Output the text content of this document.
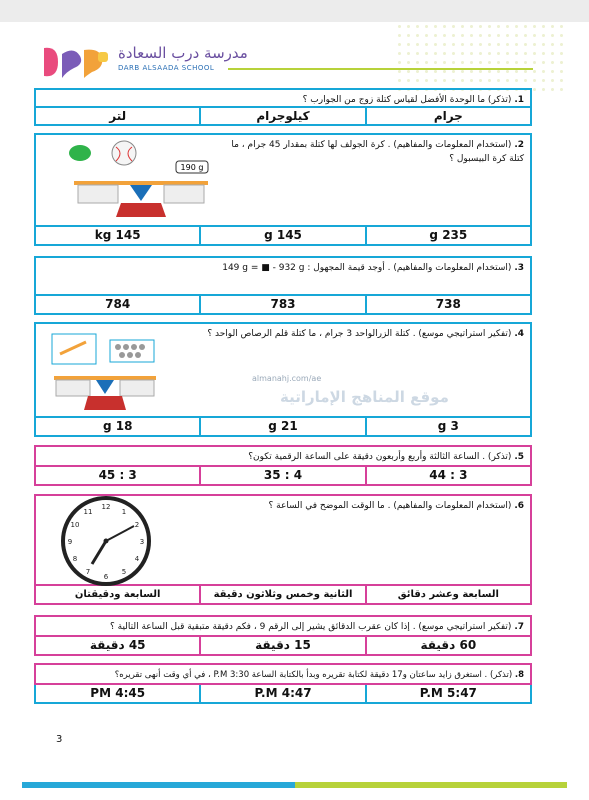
مدرسة درب السعادة
DARB ALSAADA SCHOOL
1. (تذكر) ما الوحدة الأفضل لقياس كتلة زوج من الجوارب ؟
جرام
كيلوجرام
لتر
2. (استخدام المعلومات والمفاهيم) . كرة الجولف لها كتلة بمقدار 45 جرام ، ما كتلة كرة البيسبول ؟
190 g
235 g
145 g
145 kg
3. (استخدام المعلومات والمفاهيم) . أوجد قيمة المجهول : 149 g = ■ - 932 g
738
783
784
4. (تفكير استراتيجي موسع) . كتلة الزرالواحد 3 جرام ، ما كتلة قلم الرصاص الواحد ؟
3 g
21 g
18 g
5. (تذكر) . الساعة الثالثة وأربع وأربعون دقيقة على الساعة الرقمية تكون؟
3 : 44
4 : 35
3 : 45
6. (استخدام المعلومات والمفاهيم) . ما الوقت الموضح في الساعة ؟
12
1
2
3
4
5
6
7
8
9
10
11
السابعة وعشر دقائق
الثانية وخمس وثلاثون دقيقة
السابعة ودقيقتان
7. (تفكير استراتيجي موسع) . إذا كان عقرب الدقائق يشير إلى الرقم 9 ، فكم دقيقة متبقية قبل الساعة التالية ؟
60 دقيقة
15 دقيقة
45 دقيقة
8. (تذكر) . استغرق زايد ساعتان و17 دقيقة لكتابة تقريره وبدأ بالكتابة الساعة 3:30 P.M ، في أي وقت أنهى تقريره؟
5:47 P.M
4:47 P.M
4:45 PM
almanahj.com/ae
موقع المناهج الإماراتية
3
